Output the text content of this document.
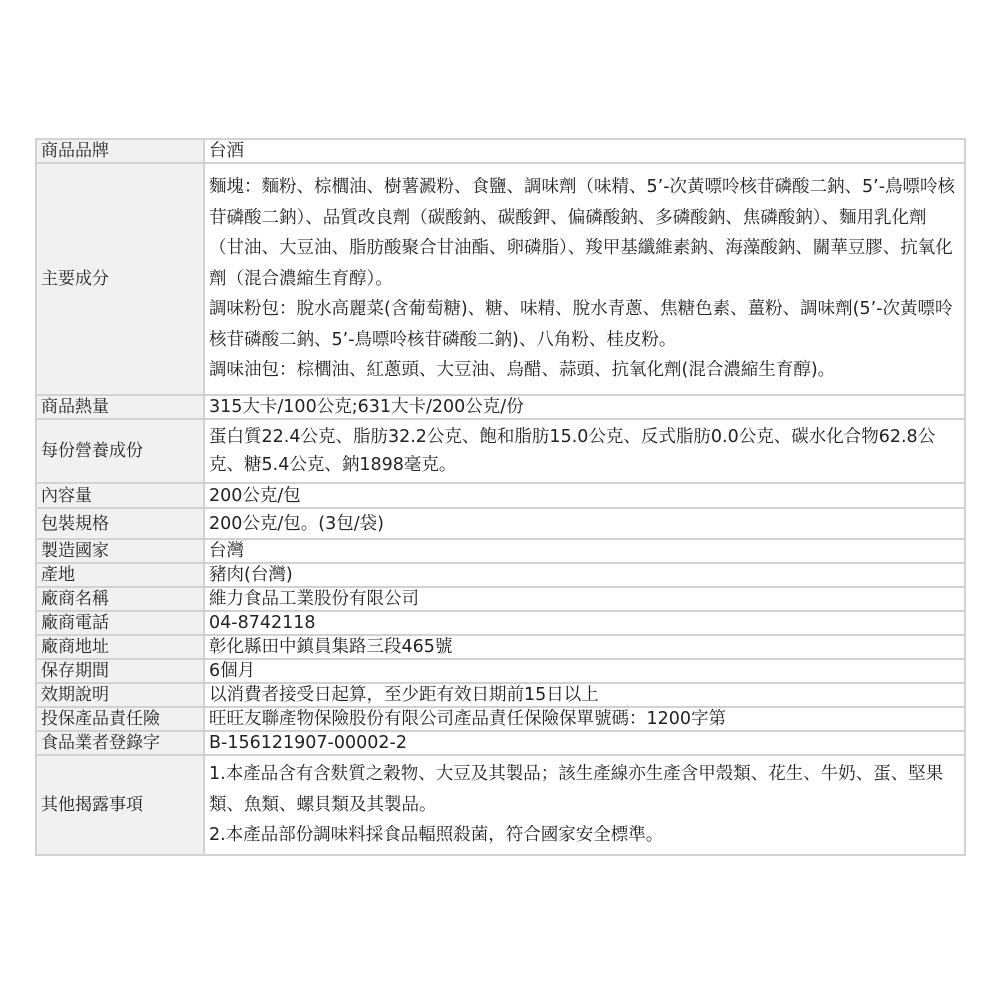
商品品牌	台酒

主要成分	麵塊：麵粉、棕櫚油、樹薯澱粉、食鹽、調味劑（味精、5’-次黃嘌呤核苷磷酸二鈉、5’-鳥嘌呤核苷磷酸二鈉）、品質改良劑（碳酸鈉、碳酸鉀、偏磷酸鈉、多磷酸鈉、焦磷酸鈉）、麵用乳化劑（甘油、大豆油、脂肪酸聚合甘油酯、卵磷脂）、羧甲基纖維素鈉、海藻酸鈉、關華豆膠、抗氧化劑（混合濃縮生育醇）。
調味粉包：脫水高麗菜(含葡萄糖)、糖、味精、脫水青蔥、焦糖色素、薑粉、調味劑(5’-次黃嘌呤核苷磷酸二鈉、5’-鳥嘌呤核苷磷酸二鈉)、八角粉、桂皮粉。
調味油包：棕櫚油、紅蔥頭、大豆油、烏醋、蒜頭、抗氧化劑(混合濃縮生育醇)。

商品熱量	315大卡/100公克;631大卡/200公克/份

每份營養成份	蛋白質22.4公克、脂肪32.2公克、飽和脂肪15.0公克、反式脂肪0.0公克、碳水化合物62.8公克、糖5.4公克、鈉1898毫克。

內容量	200公克/包

包裝規格	200公克/包。(3包/袋)

製造國家	台灣

產地	豬肉(台灣)

廠商名稱	維力食品工業股份有限公司

廠商電話	04-8742118

廠商地址	彰化縣田中鎮員集路三段465號

保存期間	6個月

效期說明	以消費者接受日起算，至少距有效日期前15日以上

投保產品責任險	旺旺友聯產物保險股份有限公司產品責任保險保單號碼：1200字第

食品業者登錄字	B-156121907-00002-2

其他揭露事項	1.本產品含有含麩質之穀物、大豆及其製品；該生產線亦生產含甲殼類、花生、牛奶、蛋、堅果類、魚類、螺貝類及其製品。
2.本產品部份調味料採食品輻照殺菌，符合國家安全標準。
